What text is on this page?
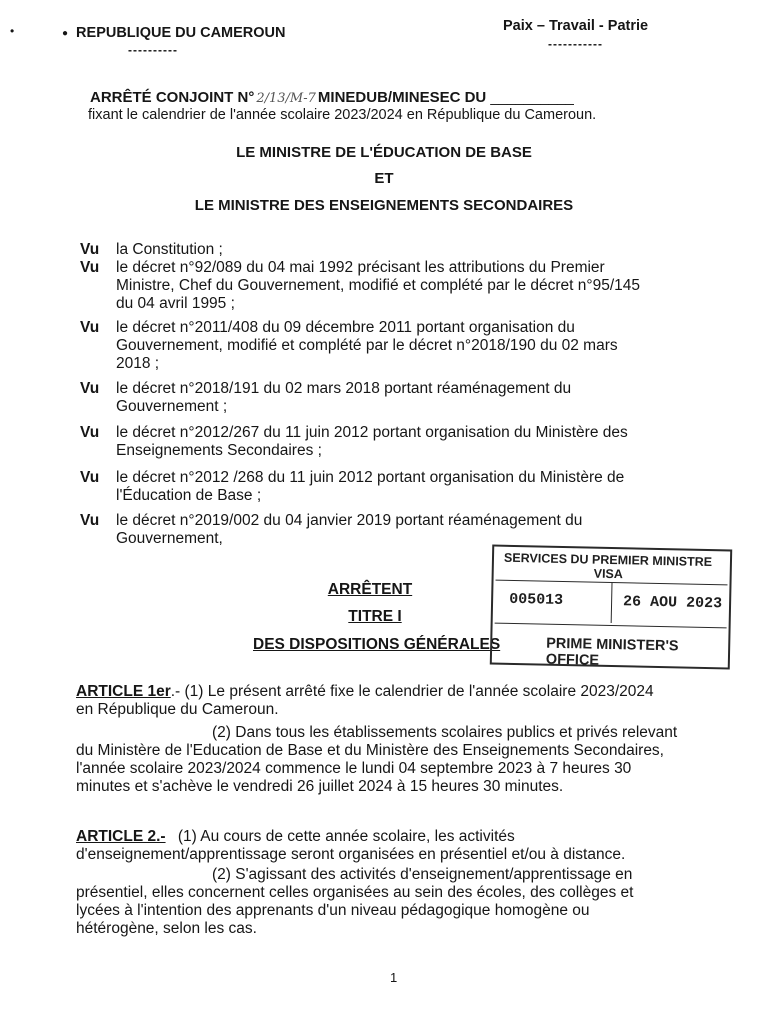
•	● REPUBLIQUE DU CAMEROUN
----------
Paix – Travail - Patrie
-----------
ARRÊTÉ CONJOINT N° 2/13/M-7 MINEDUB/MINESEC DU __________
fixant le calendrier de l'année scolaire 2023/2024 en République du Cameroun.
LE MINISTRE DE L'ÉDUCATION DE BASE
ET
LE MINISTRE DES ENSEIGNEMENTS SECONDAIRES
Vu la Constitution ;
Vu le décret n°92/089 du 04 mai 1992 précisant les attributions du Premier
Ministre, Chef du Gouvernement, modifié et complété par le décret n°95/145
du 04 avril 1995 ;
Vu le décret n°2011/408 du 09 décembre 2011 portant organisation du
Gouvernement, modifié et complété par le décret n°2018/190 du 02 mars
2018 ;
Vu le décret n°2018/191 du 02 mars 2018 portant réaménagement du
Gouvernement ;
Vu le décret n°2012/267 du 11 juin 2012 portant organisation du Ministère des
Enseignements Secondaires ;
Vu le décret n°2012 /268 du 11 juin 2012 portant organisation du Ministère de
l'Éducation de Base ;
Vu le décret n°2019/002 du 04 janvier 2019 portant réaménagement du
Gouvernement,
ARRÊTENT
TITRE I
DES DISPOSITIONS GÉNÉRALES
SERVICES DU PREMIER MINISTRE
VISA
005013	26 AOU 2023
PRIME MINISTER'S OFFICE
ARTICLE 1er.- (1) Le présent arrêté fixe le calendrier de l'année scolaire 2023/2024
en République du Cameroun.
(2) Dans tous les établissements scolaires publics et privés relevant
du Ministère de l'Education de Base et du Ministère des Enseignements Secondaires,
l'année scolaire 2023/2024 commence le lundi 04 septembre 2023 à 7 heures 30
minutes et s'achève le vendredi 26 juillet 2024 à 15 heures 30 minutes.
ARTICLE 2.- (1) Au cours de cette année scolaire, les activités
d'enseignement/apprentissage seront organisées en présentiel et/ou à distance.
(2) S'agissant des activités d'enseignement/apprentissage en
présentiel, elles concernent celles organisées au sein des écoles, des collèges et
lycées à l'intention des apprenants d'un niveau pédagogique homogène ou
hétérogène, selon les cas.
1
